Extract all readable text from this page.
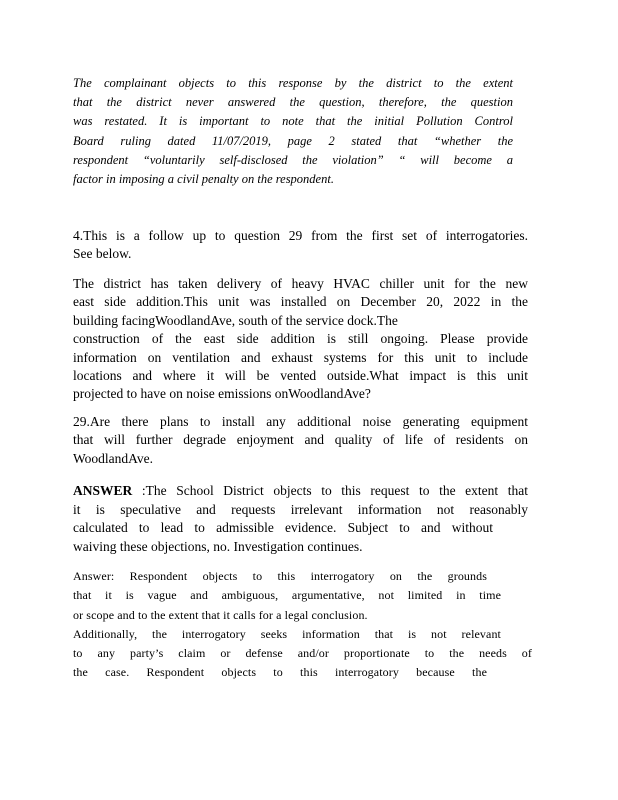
The complainant objects to this response by the district to the extent
that the district never answered the question, therefore, the question
was restated. It is important to note that the initial Pollution Control
Board ruling dated 11/07/2019, page 2 stated that “whether the
respondent “voluntarily self-disclosed the violation” “ will become a
factor in imposing a civil penalty on the respondent.
4.This is a follow up to question 29 from the first set of interrogatories.
See below.
The district has taken delivery of heavy HVAC chiller unit for the new
east side addition.This unit was installed on December 20, 2022 in the
building facingWoodlandAve, south of the service dock.The
construction of the east side addition is still ongoing. Please provide
information on ventilation and exhaust systems for this unit to include
locations and where it will be vented outside.What impact is this unit
projected to have on noise emissions onWoodlandAve?
29.Are there plans to install any additional noise generating equipment
that will further degrade enjoyment and quality of life of residents on
WoodlandAve.
ANSWER :The School District objects to this request to the extent that
it is speculative and requests irrelevant information not reasonably
calculated to lead to admissible evidence. Subject to and without
waiving these objections, no. Investigation continues.
Answer: Respondent objects to this interrogatory on the grounds
that it is vague and ambiguous, argumentative, not limited in time
or scope and to the extent that it calls for a legal conclusion.
Additionally, the interrogatory seeks information that is not relevant
to any party’s claim or defense and/or proportionate to the needs of
the case. Respondent objects to this interrogatory because the
